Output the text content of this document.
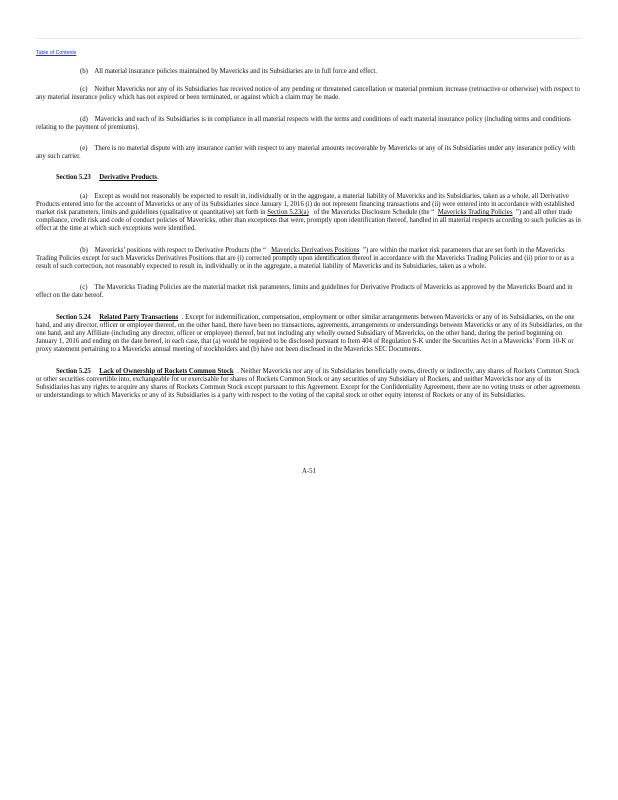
Table of Contents

(b) All material insurance policies maintained by Mavericks and its Subsidiaries are in full force and effect.

(c) Neither Mavericks nor any of its Subsidiaries has received notice of any pending or threatened cancellation or material premium increase (retroactive or otherwise) with respect to any material insurance policy which has not expired or been terminated, or against which a claim may be made.

(d) Mavericks and each of its Subsidiaries is in compliance in all material respects with the terms and conditions of each material insurance policy (including terms and conditions relating to the payment of premiums).

(e) There is no material dispute with any insurance carrier with respect to any material amounts recoverable by Mavericks or any of its Subsidiaries under any insurance policy with any such carrier.

Section 5.23 Derivative Products.

(a) Except as would not reasonably be expected to result in, individually or in the aggregate, a material liability of Mavericks and its Subsidiaries, taken as a whole, all Derivative Products entered into for the account of Mavericks or any of its Subsidiaries since January 1, 2016 (i) do not represent financing transactions and (ii) were entered into in accordance with established market risk parameters, limits and guidelines (qualitative or quantitative) set forth in Section 5.23(a) of the Mavericks Disclosure Schedule (the “ Mavericks Trading Policies ”) and all other trade compliance, credit risk and code of conduct policies of Mavericks, other than exceptions that were, promptly upon identification thereof, handled in all material respects according to such policies as in effect at the time at which such exceptions were identified.

(b) Mavericks’ positions with respect to Derivative Products (the “ Mavericks Derivatives Positions ”) are within the market risk parameters that are set forth in the Mavericks Trading Policies except for such Mavericks Derivatives Positions that are (i) corrected promptly upon identification thereof in accordance with the Mavericks Trading Policies and (ii) prior to or as a result of such correction, not reasonably expected to result in, individually or in the aggregate, a material liability of Mavericks and its Subsidiaries, taken as a whole.

(c) The Mavericks Trading Policies are the material market risk parameters, limits and guidelines for Derivative Products of Mavericks as approved by the Mavericks Board and in effect on the date hereof.

Section 5.24 Related Party Transactions . Except for indemnification, compensation, employment or other similar arrangements between Mavericks or any of its Subsidiaries, on the one hand, and any director, officer or employee thereof, on the other hand, there have been no transactions, agreements, arrangements or understandings between Mavericks or any of its Subsidiaries, on the one hand, and any Affiliate (including any director, officer or employee) thereof, but not including any wholly owned Subsidiary of Mavericks, on the other hand, during the period beginning on January 1, 2016 and ending on the date hereof, in each case, that (a) would be required to be disclosed pursuant to Item 404 of Regulation S-K under the Securities Act in a Mavericks’ Form 10-K or proxy statement pertaining to a Mavericks annual meeting of stockholders and (b) have not been disclosed in the Mavericks SEC Documents.

Section 5.25 Lack of Ownership of Rockets Common Stock . Neither Mavericks nor any of its Subsidiaries beneficially owns, directly or indirectly, any shares of Rockets Common Stock or other securities convertible into, exchangeable for or exercisable for shares of Rockets Common Stock or any securities of any Subsidiary of Rockets, and neither Mavericks nor any of its Subsidiaries has any rights to acquire any shares of Rockets Common Stock except pursuant to this Agreement. Except for the Confidentiality Agreement, there are no voting trusts or other agreements or understandings to which Mavericks or any of its Subsidiaries is a party with respect to the voting of the capital stock or other equity interest of Rockets or any of its Subsidiaries.

A-51
